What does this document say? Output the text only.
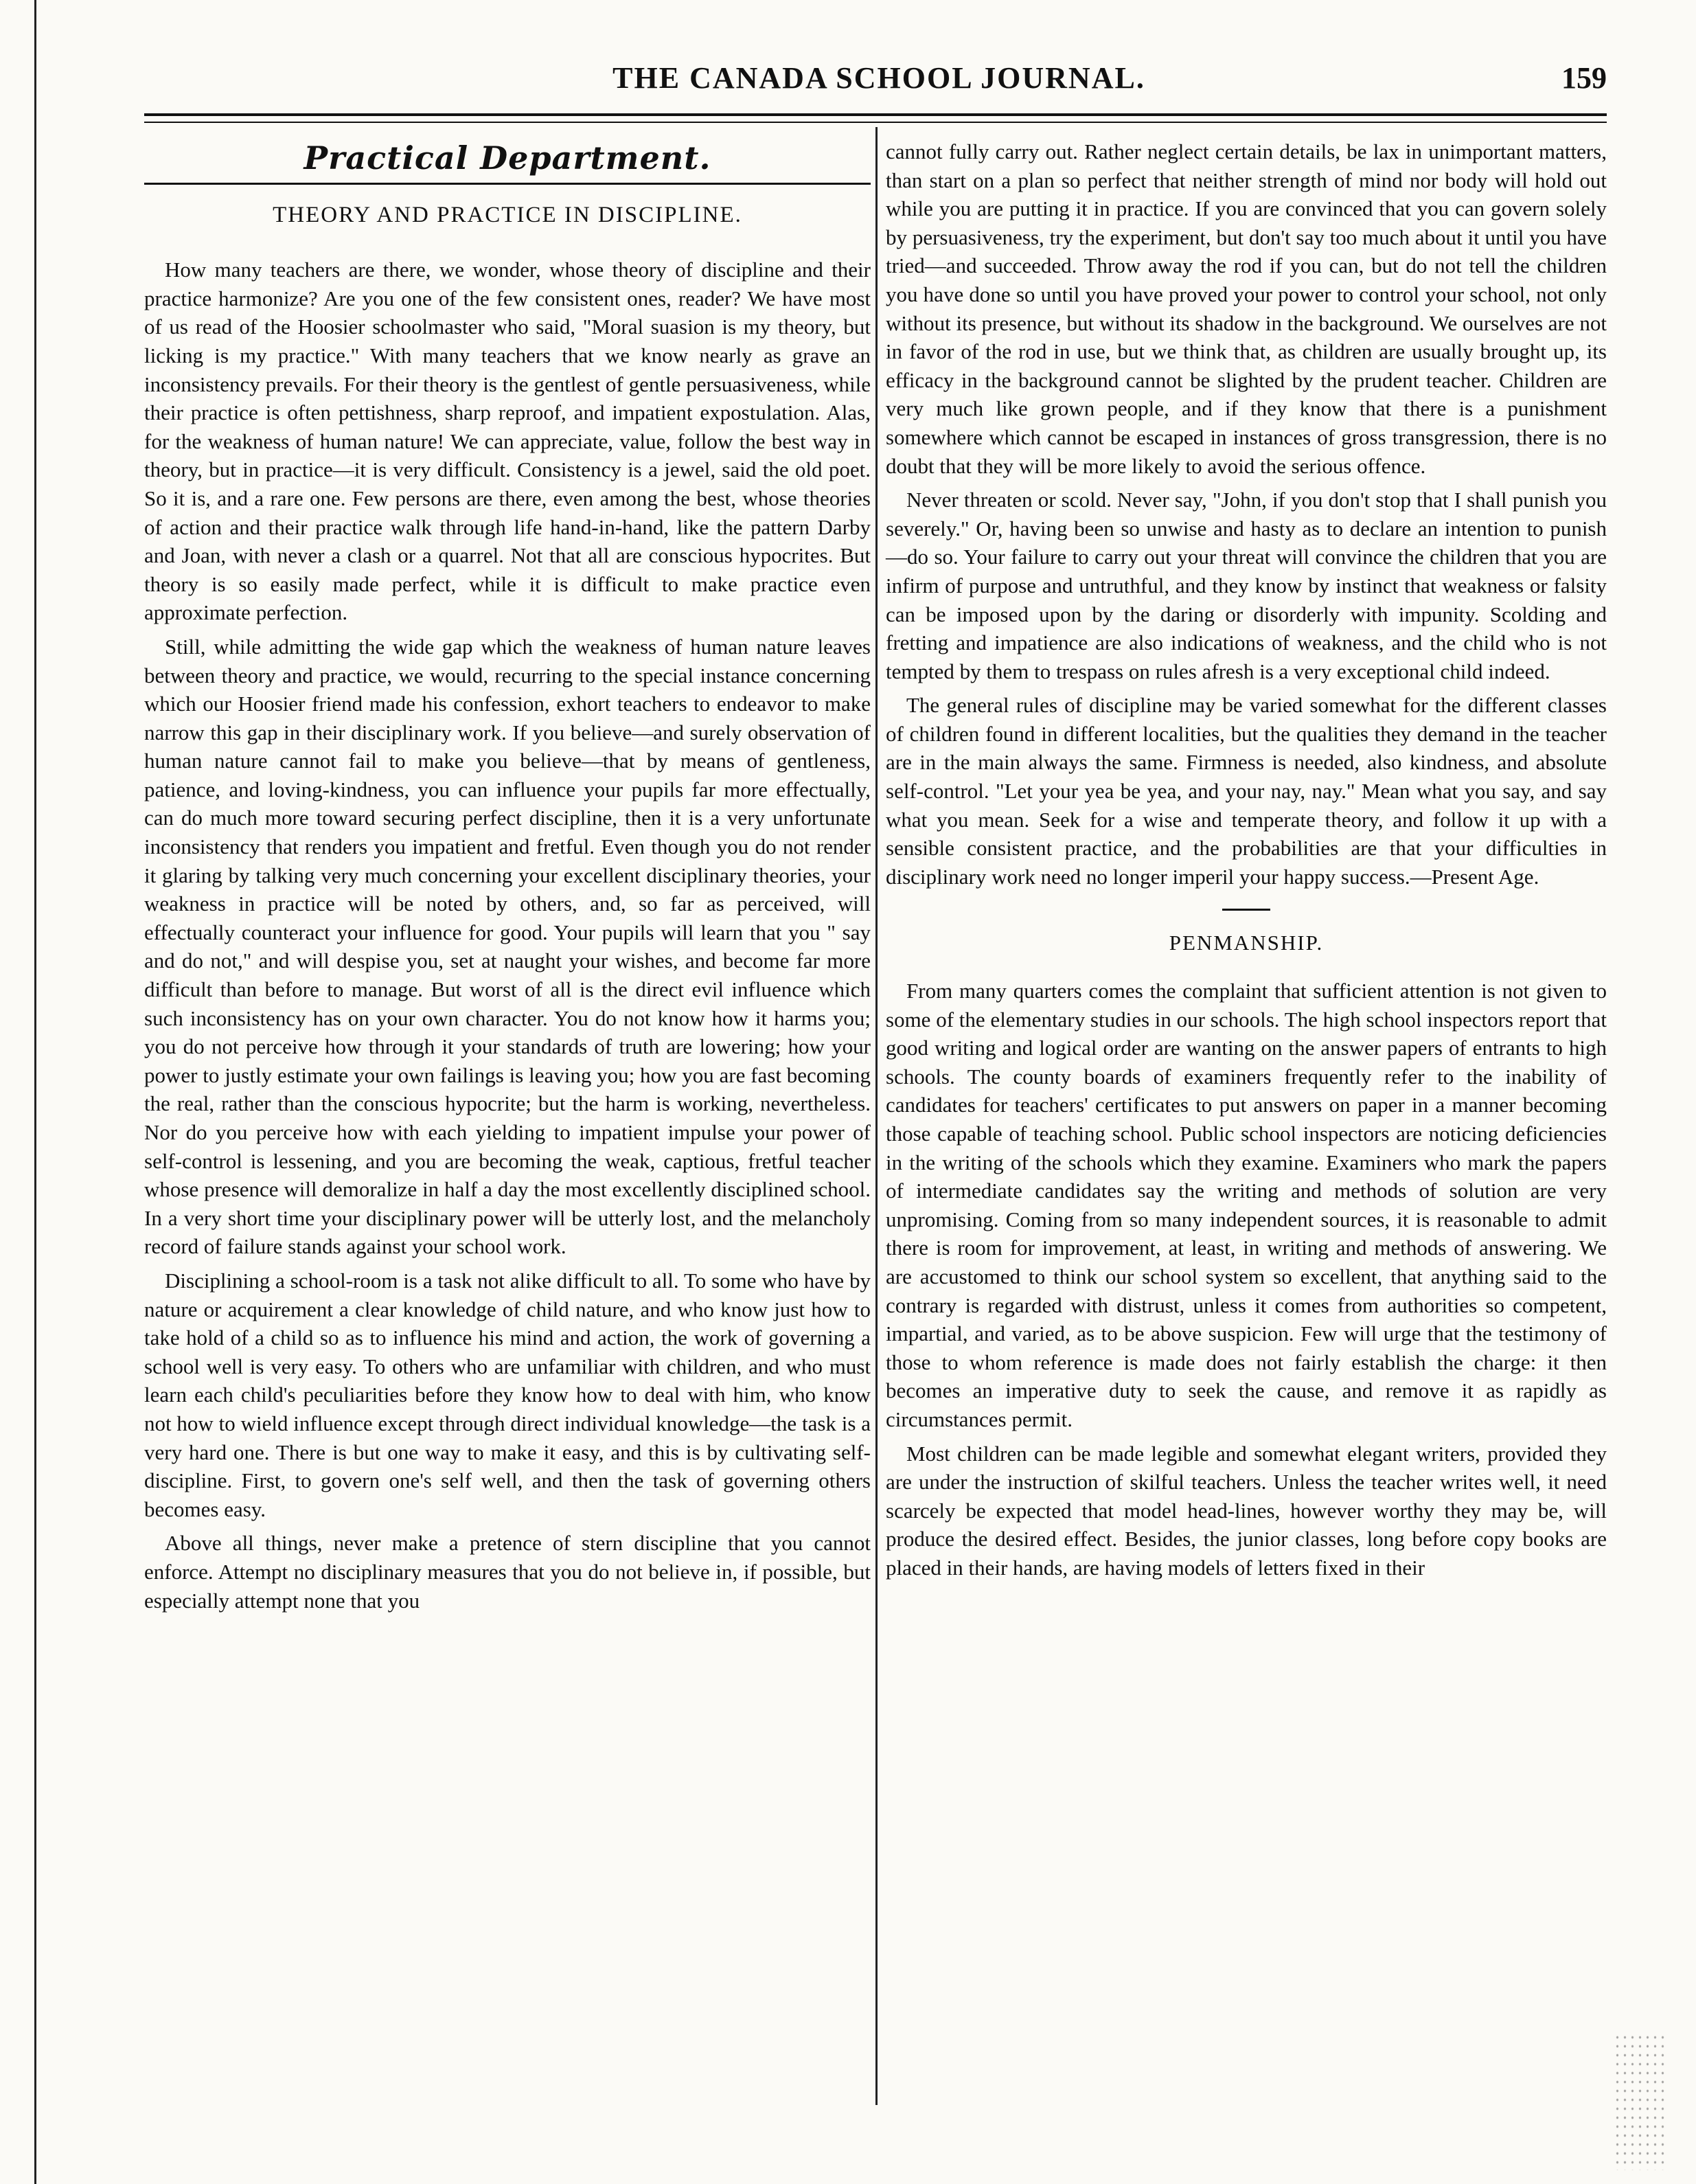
THE CANADA SCHOOL JOURNAL.	159
Practical Department.
THEORY AND PRACTICE IN DISCIPLINE.

How many teachers are there, we wonder, whose theory of discipline and their practice harmonize? Are you one of the few consistent ones, reader? We have most of us read of the Hoosier schoolmaster who said, "Moral suasion is my theory, but licking is my practice." With many teachers that we know nearly as grave an inconsistency prevails. For their theory is the gentlest of gentle persuasiveness, while their practice is often pettishness, sharp reproof, and impatient expostulation. Alas, for the weakness of human nature! We can appreciate, value, follow the best way in theory, but in practice—it is very difficult. Consistency is a jewel, said the old poet. So it is, and a rare one. Few persons are there, even among the best, whose theories of action and their practice walk through life hand-in-hand, like the pattern Darby and Joan, with never a clash or a quarrel. Not that all are conscious hypocrites. But theory is so easily made perfect, while it is difficult to make practice even approximate perfection.

Still, while admitting the wide gap which the weakness of human nature leaves between theory and practice, we would, recurring to the special instance concerning which our Hoosier friend made his confession, exhort teachers to endeavor to make narrow this gap in their disciplinary work. If you believe—and surely observation of human nature cannot fail to make you believe—that by means of gentleness, patience, and loving-kindness, you can influence your pupils far more effectually, can do much more toward securing perfect discipline, then it is a very unfortunate inconsistency that renders you impatient and fretful. Even though you do not render it glaring by talking very much concerning your excellent disciplinary theories, your weakness in practice will be noted by others, and, so far as perceived, will effectually counteract your influence for good. Your pupils will learn that you " say and do not," and will despise you, set at naught your wishes, and become far more difficult than before to manage. But worst of all is the direct evil influence which such inconsistency has on your own character. You do not know how it harms you; you do not perceive how through it your standards of truth are lowering; how your power to justly estimate your own failings is leaving you; how you are fast becoming the real, rather than the conscious hypocrite; but the harm is working, nevertheless. Nor do you perceive how with each yielding to impatient impulse your power of self-control is lessening, and you are becoming the weak, captious, fretful teacher whose presence will demoralize in half a day the most excellently disciplined school. In a very short time your disciplinary power will be utterly lost, and the melancholy record of failure stands against your school work.

Disciplining a school-room is a task not alike difficult to all. To some who have by nature or acquirement a clear knowledge of child nature, and who know just how to take hold of a child so as to influence his mind and action, the work of governing a school well is very easy. To others who are unfamiliar with children, and who must learn each child's peculiarities before they know how to deal with him, who know not how to wield influence except through direct individual knowledge—the task is a very hard one. There is but one way to make it easy, and this is by cultivating self-discipline. First, to govern one's self well, and then the task of governing others becomes easy.

Above all things, never make a pretence of stern discipline that you cannot enforce. Attempt no disciplinary measures that you do not believe in, if possible, but especially attempt none that you

cannot fully carry out. Rather neglect certain details, be lax in unimportant matters, than start on a plan so perfect that neither strength of mind nor body will hold out while you are putting it in practice. If you are convinced that you can govern solely by persuasiveness, try the experiment, but don't say too much about it until you have tried—and succeeded. Throw away the rod if you can, but do not tell the children you have done so until you have proved your power to control your school, not only without its presence, but without its shadow in the background. We ourselves are not in favor of the rod in use, but we think that, as children are usually brought up, its efficacy in the background cannot be slighted by the prudent teacher. Children are very much like grown people, and if they know that there is a punishment somewhere which cannot be escaped in instances of gross transgression, there is no doubt that they will be more likely to avoid the serious offence.

Never threaten or scold. Never say, "John, if you don't stop that I shall punish you severely." Or, having been so unwise and hasty as to declare an intention to punish—do so. Your failure to carry out your threat will convince the children that you are infirm of purpose and untruthful, and they know by instinct that weakness or falsity can be imposed upon by the daring or disorderly with impunity. Scolding and fretting and impatience are also indications of weakness, and the child who is not tempted by them to trespass on rules afresh is a very exceptional child indeed.

The general rules of discipline may be varied somewhat for the different classes of children found in different localities, but the qualities they demand in the teacher are in the main always the same. Firmness is needed, also kindness, and absolute self-control. "Let your yea be yea, and your nay, nay." Mean what you say, and say what you mean. Seek for a wise and temperate theory, and follow it up with a sensible consistent practice, and the probabilities are that your difficulties in disciplinary work need no longer imperil your happy success.—Present Age.

PENMANSHIP.

From many quarters comes the complaint that sufficient attention is not given to some of the elementary studies in our schools. The high school inspectors report that good writing and logical order are wanting on the answer papers of entrants to high schools. The county boards of examiners frequently refer to the inability of candidates for teachers' certificates to put answers on paper in a manner becoming those capable of teaching school. Public school inspectors are noticing deficiencies in the writing of the schools which they examine. Examiners who mark the papers of intermediate candidates say the writing and methods of solution are very unpromising. Coming from so many independent sources, it is reasonable to admit there is room for improvement, at least, in writing and methods of answering. We are accustomed to think our school system so excellent, that anything said to the contrary is regarded with distrust, unless it comes from authorities so competent, impartial, and varied, as to be above suspicion. Few will urge that the testimony of those to whom reference is made does not fairly establish the charge: it then becomes an imperative duty to seek the cause, and remove it as rapidly as circumstances permit.

Most children can be made legible and somewhat elegant writers, provided they are under the instruction of skilful teachers. Unless the teacher writes well, it need scarcely be expected that model head-lines, however worthy they may be, will produce the desired effect. Besides, the junior classes, long before copy books are placed in their hands, are having models of letters fixed in their
